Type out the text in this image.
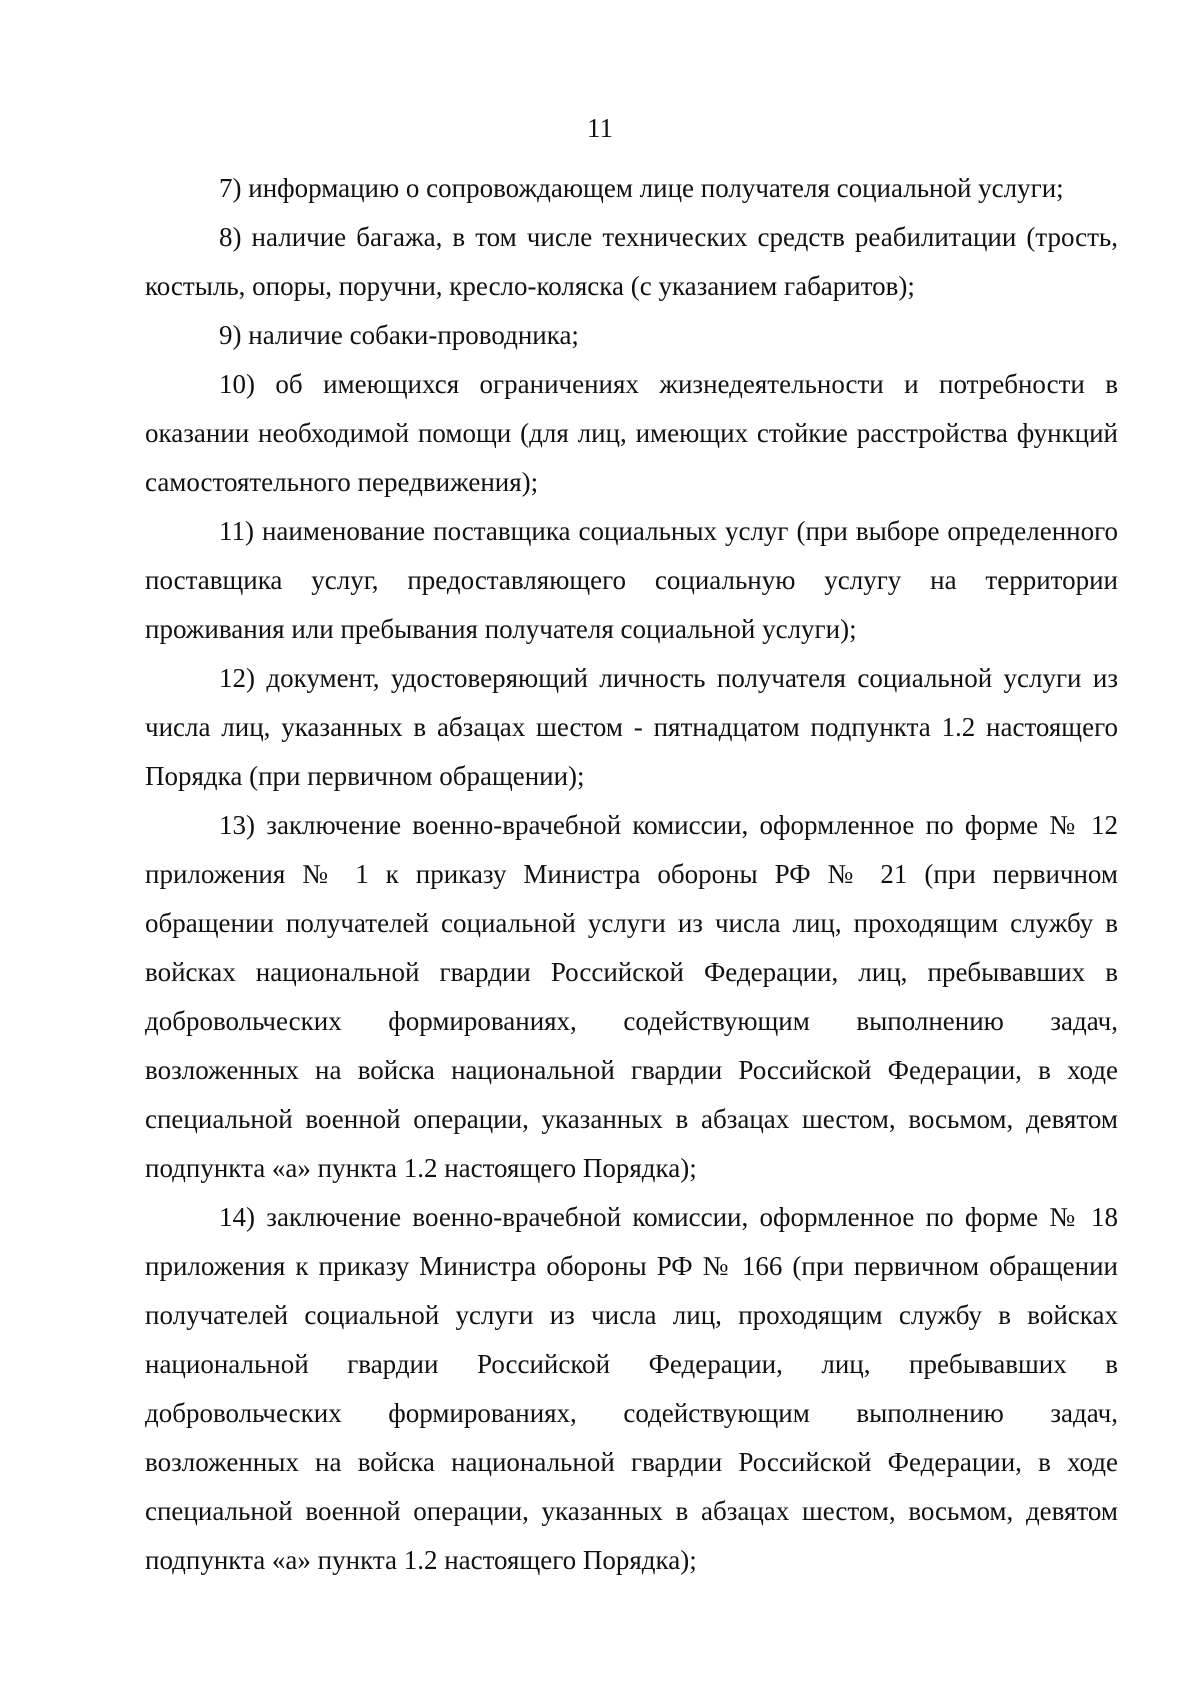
11

7) информацию о сопровождающем лице получателя социальной услуги;

8) наличие багажа, в том числе технических средств реабилитации (трость, костыль, опоры, поручни, кресло-коляска (с указанием габаритов);

9) наличие собаки-проводника;

10) об имеющихся ограничениях жизнедеятельности и потребности в оказании необходимой помощи (для лиц, имеющих стойкие расстройства функций самостоятельного передвижения);

11) наименование поставщика социальных услуг (при выборе определенного поставщика услуг, предоставляющего социальную услугу на территории проживания или пребывания получателя социальной услуги);

12) документ, удостоверяющий личность получателя социальной услуги из числа лиц, указанных в абзацах шестом - пятнадцатом подпункта 1.2 настоящего Порядка (при первичном обращении);

13) заключение военно-врачебной комиссии, оформленное по форме № 12 приложения № 1 к приказу Министра обороны РФ № 21 (при первичном обращении получателей социальной услуги из числа лиц, проходящим службу в войсках национальной гвардии Российской Федерации, лиц, пребывавших в добровольческих формированиях, содействующим выполнению задач, возложенных на войска национальной гвардии Российской Федерации, в ходе специальной военной операции, указанных в абзацах шестом, восьмом, девятом подпункта «а» пункта 1.2 настоящего Порядка);

14) заключение военно-врачебной комиссии, оформленное по форме № 18 приложения к приказу Министра обороны РФ № 166 (при первичном обращении получателей социальной услуги из числа лиц, проходящим службу в войсках национальной гвардии Российской Федерации, лиц, пребывавших в добровольческих формированиях, содействующим выполнению задач, возложенных на войска национальной гвардии Российской Федерации, в ходе специальной военной операции, указанных в абзацах шестом, восьмом, девятом подпункта «а» пункта 1.2 настоящего Порядка);
